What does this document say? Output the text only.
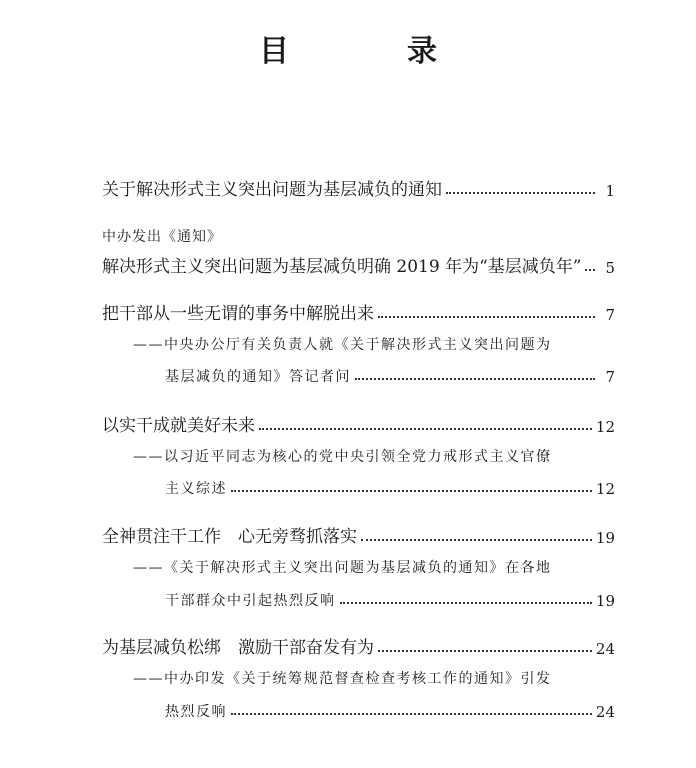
目　录
关于解决形式主义突出问题为基层减负的通知	1
中办发出《通知》
解决形式主义突出问题为基层减负明确 2019 年为“基层减负年”	5
把干部从一些无谓的事务中解脱出来	7
——中央办公厅有关负责人就《关于解决形式主义突出问题为
基层减负的通知》答记者问	7
以实干成就美好未来	12
——以习近平同志为核心的党中央引领全党力戒形式主义官僚
主义综述	12
全神贯注干工作　心无旁骛抓落实	19
——《关于解决形式主义突出问题为基层减负的通知》在各地
干部群众中引起热烈反响	19
为基层减负松绑　激励干部奋发有为	24
——中办印发《关于统筹规范督查检查考核工作的通知》引发
热烈反响	24
